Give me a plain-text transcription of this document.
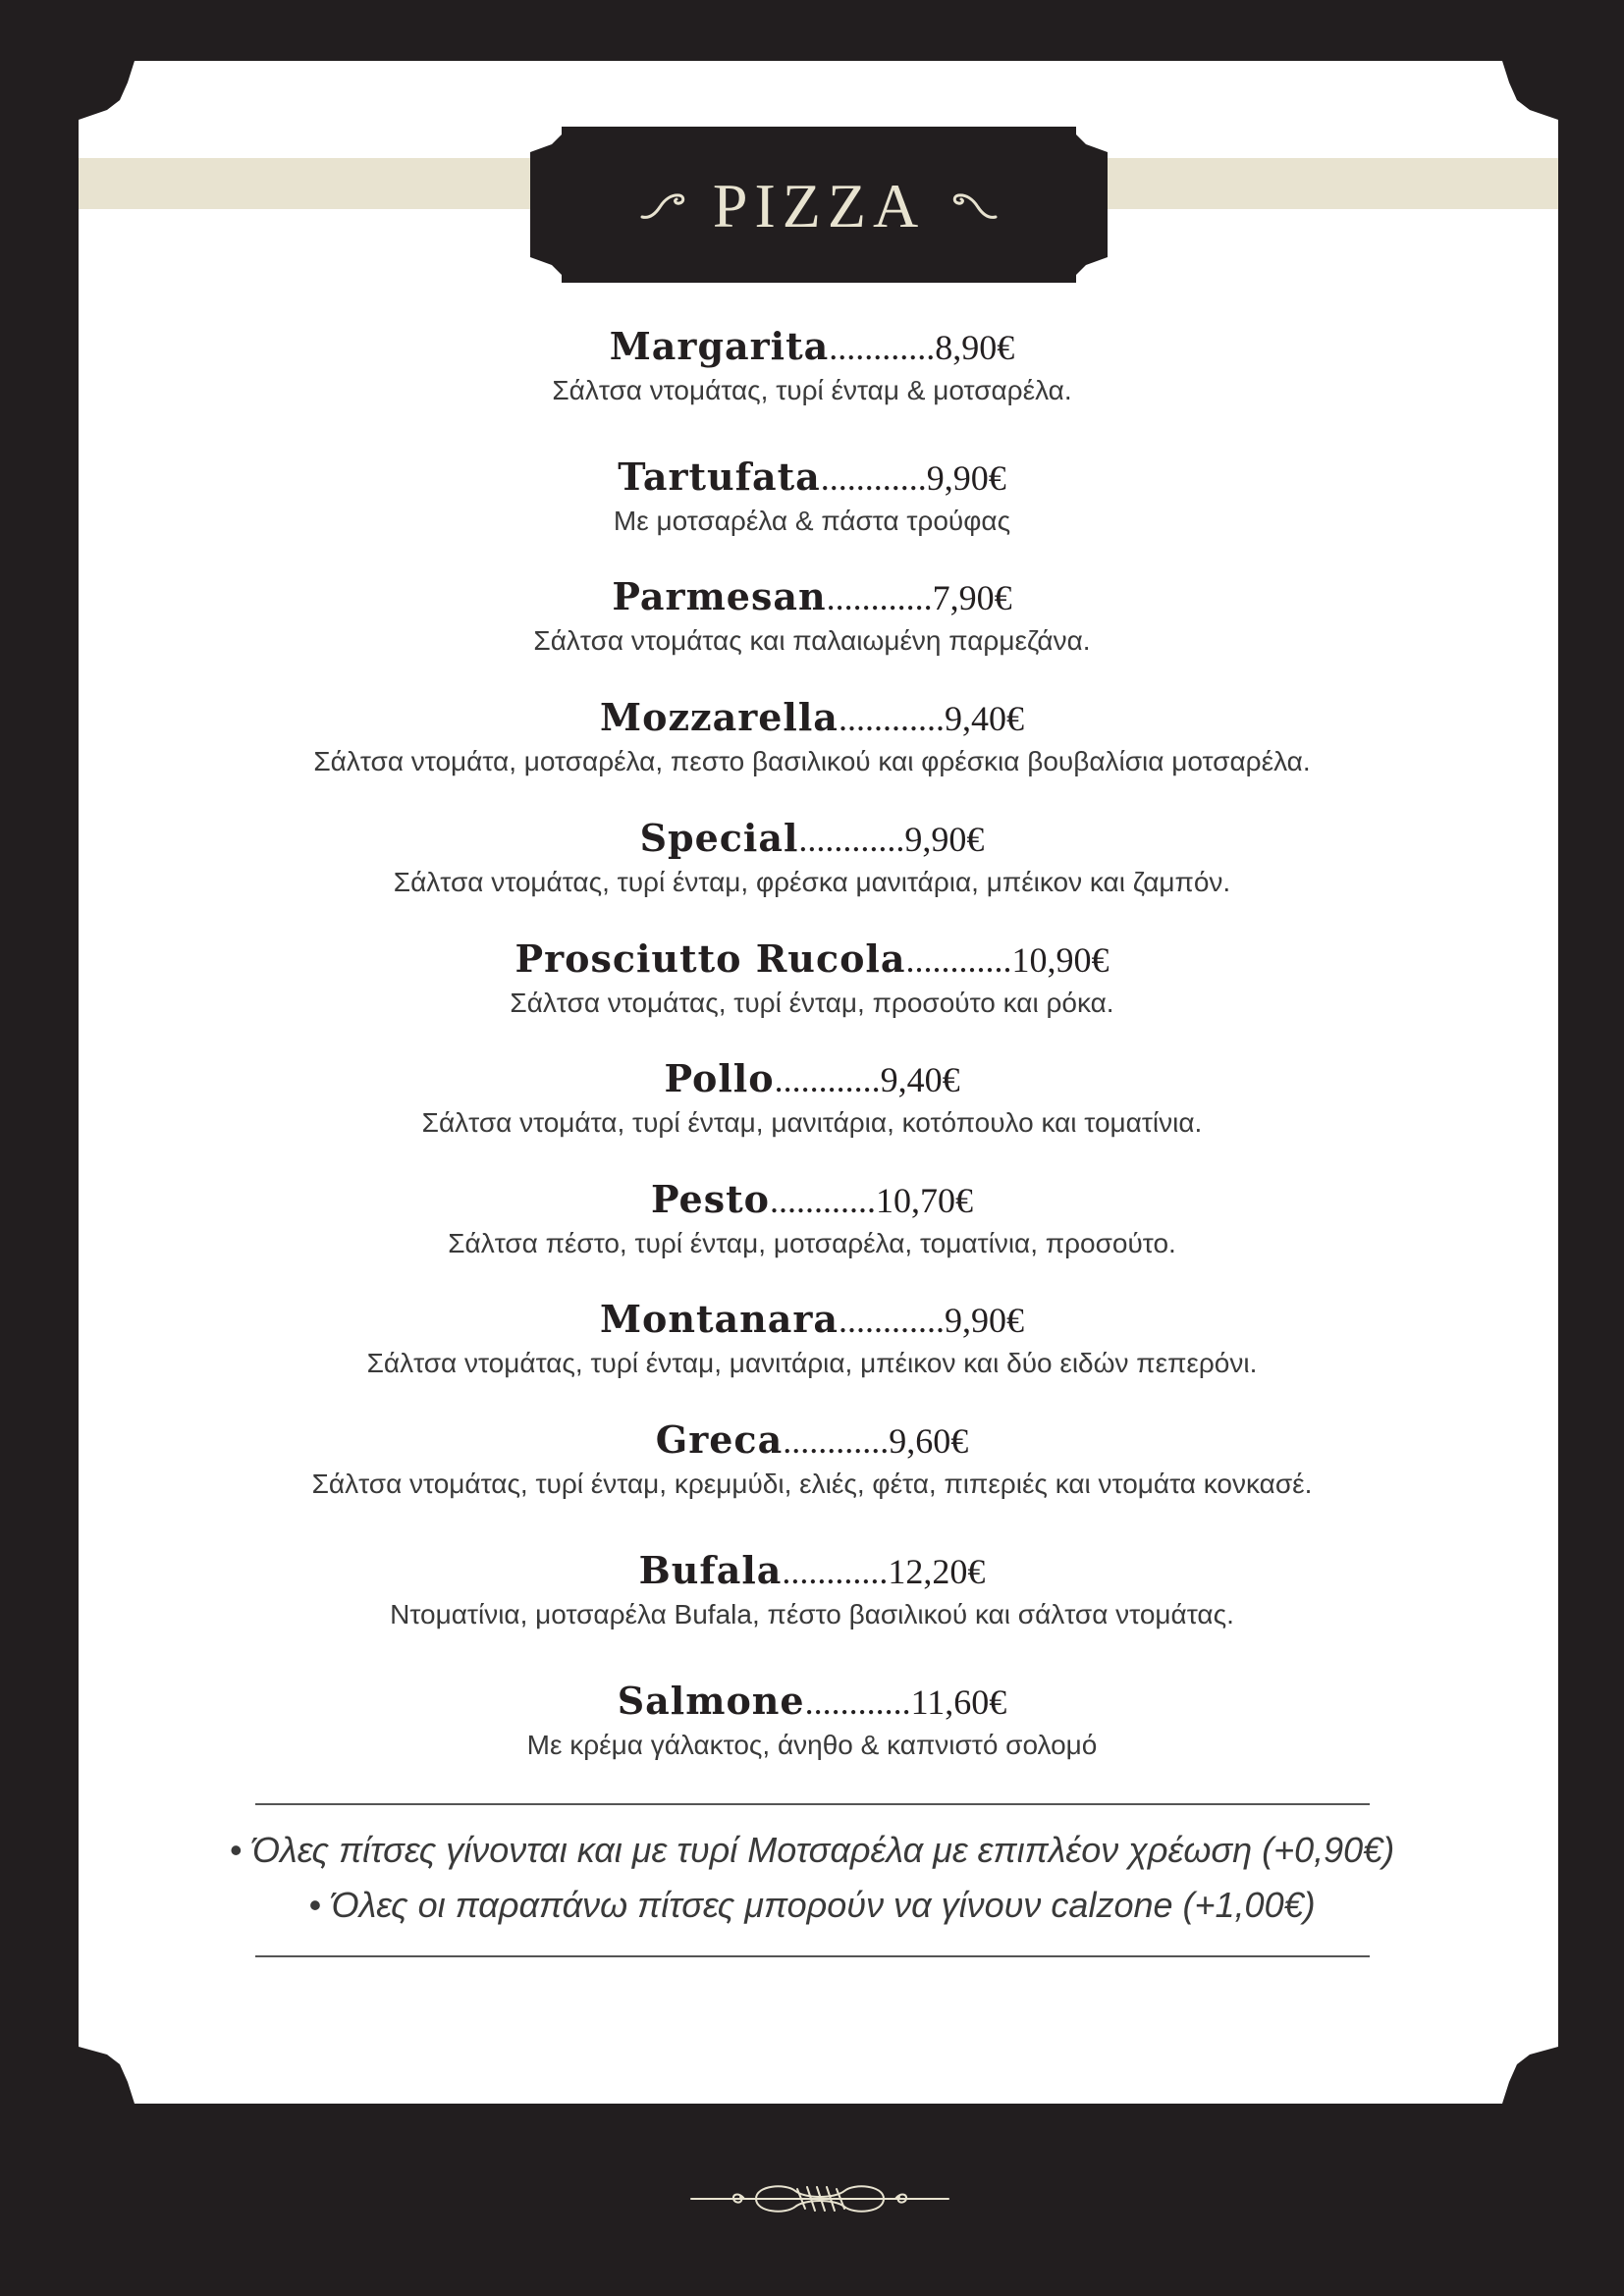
PIZZA
Margarita............8,90€
Σάλτσα ντομάτας, τυρί ένταμ & μοτσαρέλα.
Tartufata............9,90€
Με μοτσαρέλα & πάστα τρούφας
Parmesan............7,90€
Σάλτσα ντομάτας και παλαιωμένη παρμεζάνα.
Mozzarella............9,40€
Σάλτσα ντομάτα, μοτσαρέλα, πεστο βασιλικού και φρέσκια βουβαλίσια μοτσαρέλα.
Special............9,90€
Σάλτσα ντομάτας, τυρί ένταμ, φρέσκα μανιτάρια, μπέικον και ζαμπόν.
Prosciutto Rucola............10,90€
Σάλτσα ντομάτας, τυρί ένταμ, προσούτο και ρόκα.
Pollo............9,40€
Σάλτσα ντομάτα, τυρί ένταμ, μανιτάρια, κοτόπουλο και τοματίνια.
Pesto............10,70€
Σάλτσα πέστο, τυρί ένταμ, μοτσαρέλα, τοματίνια, προσούτο.
Montanara............9,90€
Σάλτσα ντομάτας, τυρί ένταμ, μανιτάρια, μπέικον και δύο ειδών πεπερόνι.
Greca............9,60€
Σάλτσα ντομάτας, τυρί ένταμ, κρεμμύδι, ελιές, φέτα, πιπεριές και ντομάτα κονκασέ.
Bufala............12,20€
Ντοματίνια, μοτσαρέλα Bufala, πέστο βασιλικού και σάλτσα ντομάτας.
Salmone............11,60€
Με κρέμα γάλακτος, άνηθο & καπνιστό σολομό
• Όλες πίτσες γίνονται και με τυρί Μοτσαρέλα με επιπλέον χρέωση (+0,90€)
• Όλες οι παραπάνω πίτσες μπορούν να γίνουν calzone (+1,00€)
